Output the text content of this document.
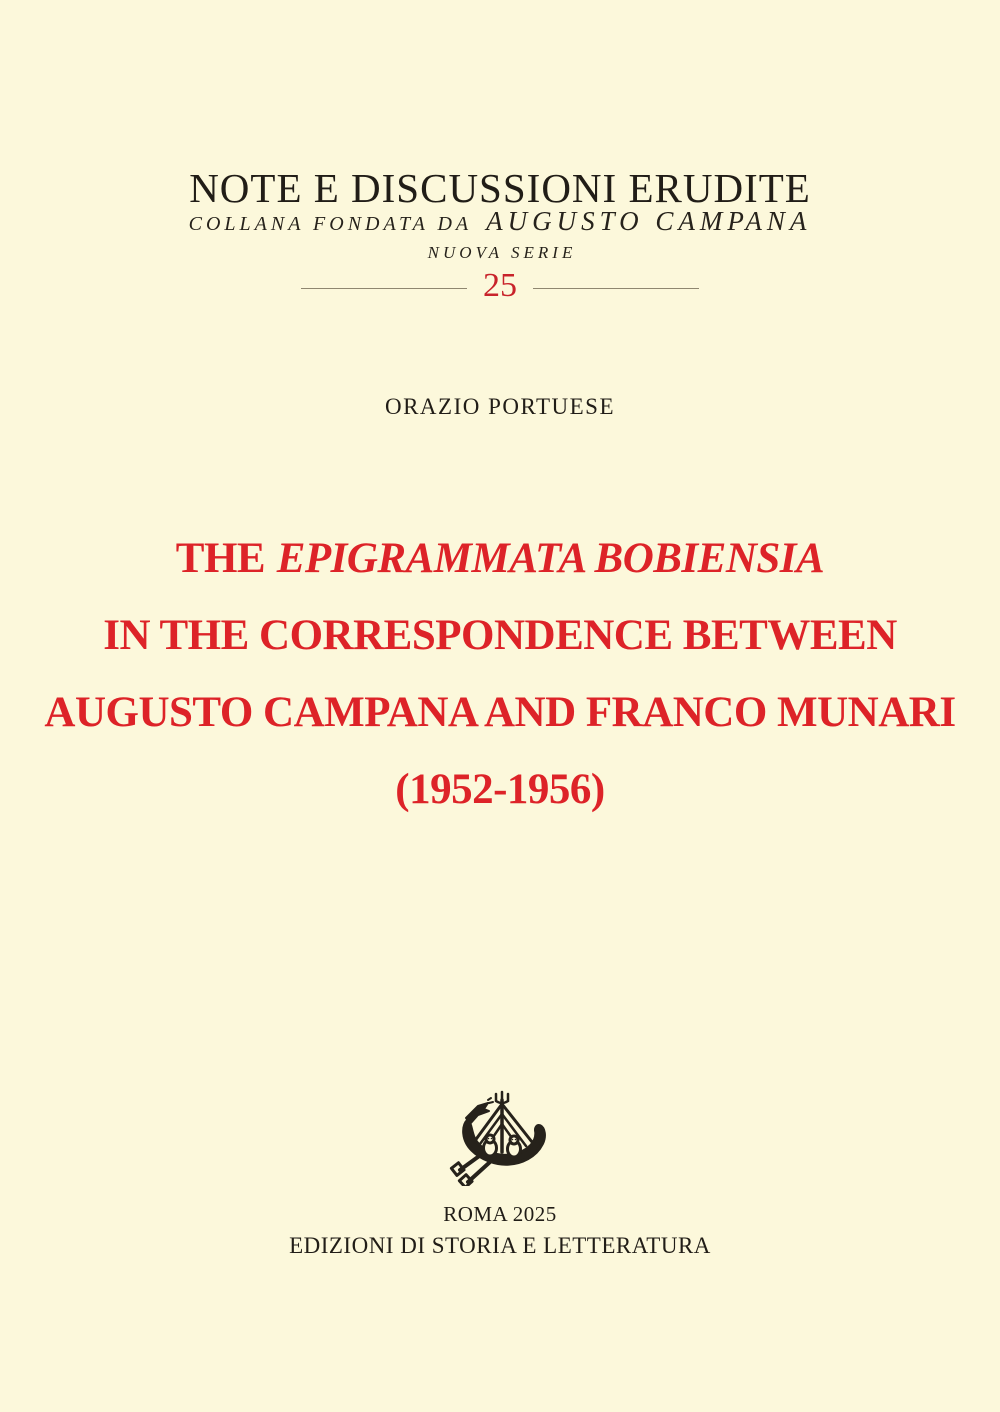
NOTE E DISCUSSIONI ERUDITE
COLLANA FONDATA DA AUGUSTO CAMPANA
NUOVA SERIE
25
ORAZIO PORTUESE
THE EPIGRAMMATA BOBIENSIA
IN THE CORRESPONDENCE BETWEEN
AUGUSTO CAMPANA AND FRANCO MUNARI
(1952-1956)
ROMA 2025
EDIZIONI DI STORIA E LETTERATURA
